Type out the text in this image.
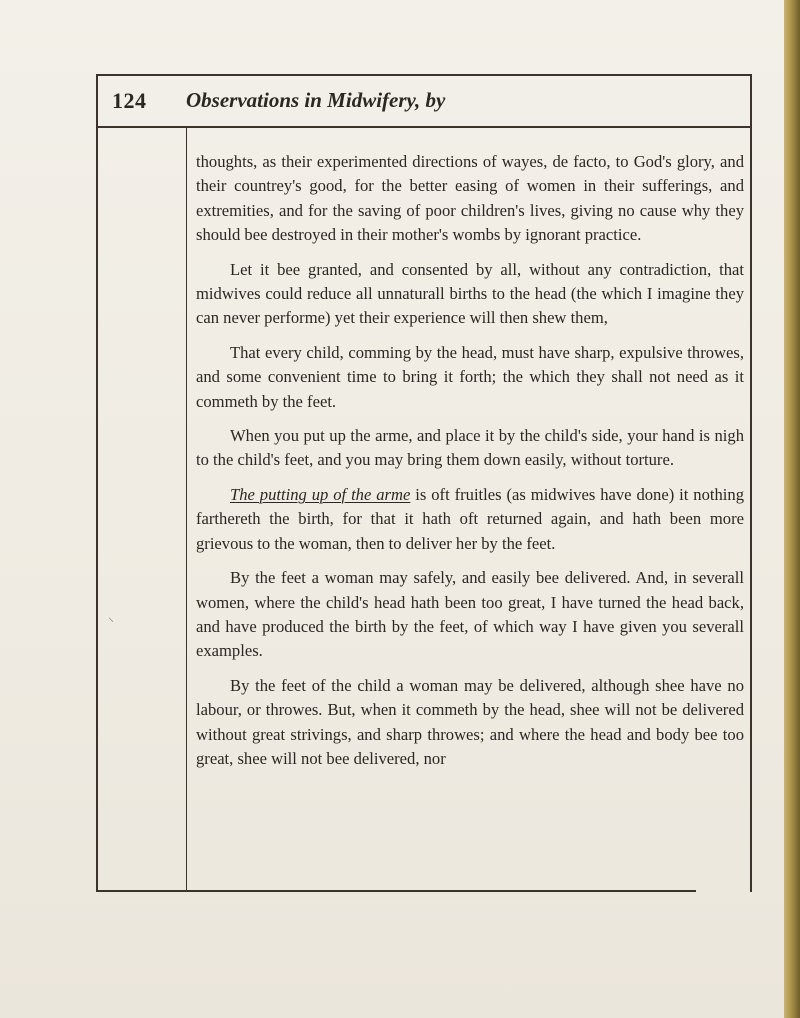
124 Observations in Midwifery, by
⸜

thoughts, as their experimented directions of wayes, de facto, to God's glory, and their countrey's good, for the better easing of women in their sufferings, and extremities, and for the saving of poor children's lives, giving no cause why they should bee destroyed in their mother's wombs by ignorant practice.

Let it bee granted, and consented by all, without any contradiction, that midwives could reduce all unnaturall births to the head (the which I imagine they can never performe) yet their experience will then shew them,

That every child, comming by the head, must have sharp, expulsive throwes, and some convenient time to bring it forth; the which they shall not need as it commeth by the feet.

When you put up the arme, and place it by the child's side, your hand is nigh to the child's feet, and you may bring them down easily, without torture.

The putting up of the arme is oft fruitles (as midwives have done) it nothing farthereth the birth, for that it hath oft returned again, and hath been more grievous to the woman, then to deliver her by the feet.

By the feet a woman may safely, and easily bee delivered. And, in severall women, where the child's head hath been too great, I have turned the head back, and have produced the birth by the feet, of which way I have given you severall examples.

By the feet of the child a woman may be delivered, although shee have no labour, or throwes. But, when it commeth by the head, shee will not be delivered without great strivings, and sharp throwes; and where the head and body bee too great, shee will not bee delivered, nor
